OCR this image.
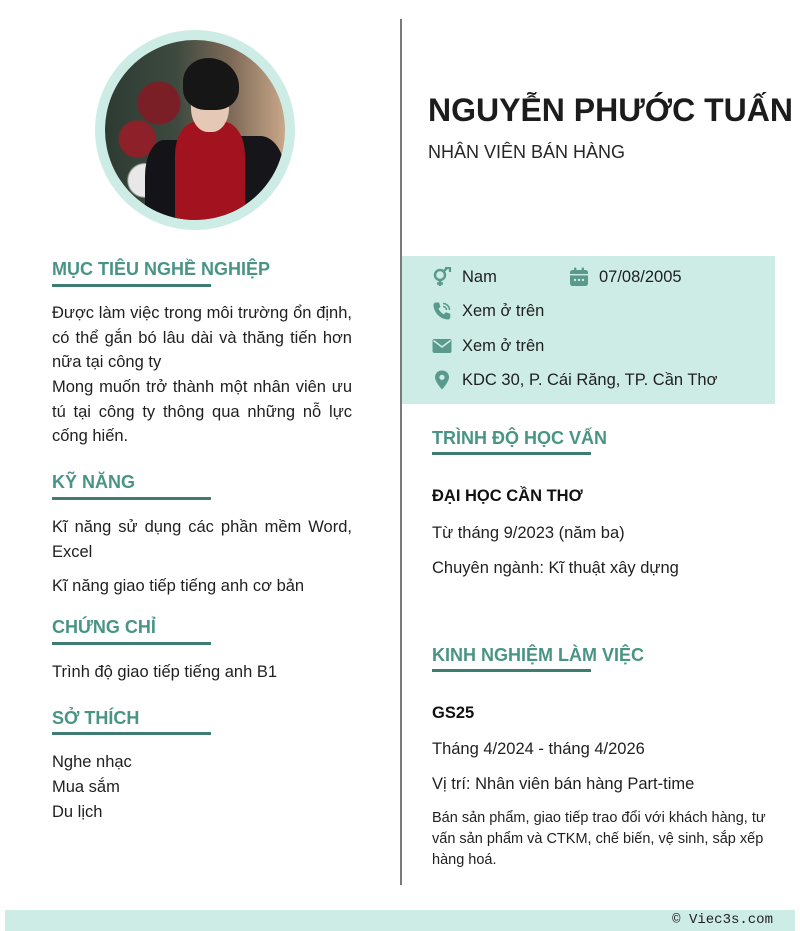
MỤC TIÊU NGHỀ NGHIỆP
Được làm việc trong môi trường ổn định, có thể gắn bó lâu dài và thăng tiến hơn nữa tại công ty
Mong muốn trở thành một nhân viên ưu tú tại công ty thông qua những nỗ lực cống hiến.
KỸ NĂNG
Kĩ năng sử dụng các phần mềm Word, Excel
Kĩ năng giao tiếp tiếng anh cơ bản
CHỨNG CHỈ
Trình độ giao tiếp tiếng anh B1
SỞ THÍCH
Nghe nhạc
Mua sắm
Du lịch
NGUYỄN PHƯỚC TUẤN
NHÂN VIÊN BÁN HÀNG
Nam	07/08/2005
Xem ở trên
Xem ở trên
KDC 30, P. Cái Răng, TP. Cần Thơ
TRÌNH ĐỘ HỌC VẤN
ĐẠI HỌC CẦN THƠ
Từ tháng 9/2023 (năm ba)
Chuyên ngành: Kĩ thuật xây dựng
KINH NGHIỆM LÀM VIỆC
GS25
Tháng 4/2024 - tháng 4/2026
Vị trí: Nhân viên bán hàng Part-time
Bán sản phẩm, giao tiếp trao đổi với khách hàng, tư vấn sản phẩm và CTKM, chế biến, vệ sinh, sắp xếp hàng hoá.
© Viec3s.com
